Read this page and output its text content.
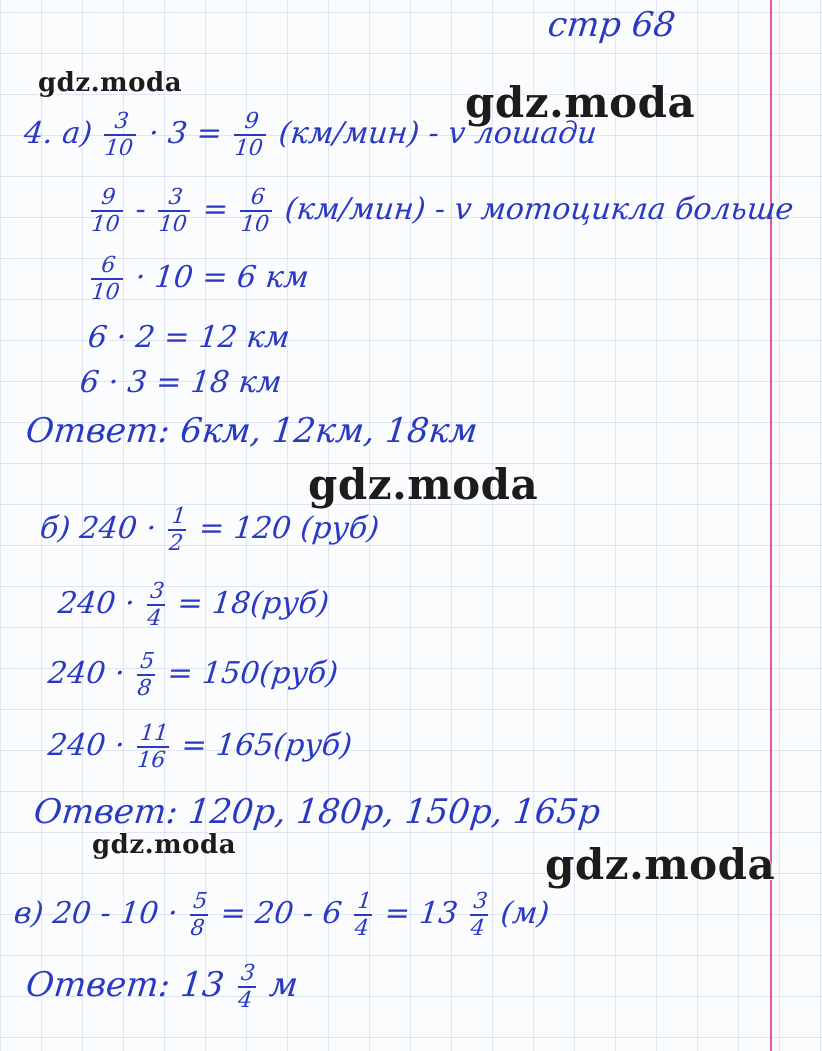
стр 68
gdz.moda	gdz.moda
gdz.moda
gdz.moda	gdz.moda
4. $а) \frac{3}{10} \cdot 3 = \frac{9}{10} (км/мин) - v$ лошади
$\frac{9}{10} - \frac{3}{10} = \frac{6}{10} (км/мин) - v$ мотоцикла больше
$\frac{6}{10} \cdot 10 = 6$ км
6 · 2 = 12 км
6 · 3 = 18 км
Ответ: 6км, 12км, 18км
б) $240 \cdot \frac{1}{2} = 120$ (руб)
$240 \cdot \frac{3}{4} = 18(руб)$
$240 \cdot \frac{5}{8} = 150(руб)$
$240 \cdot \frac{11}{16} = 165(руб)$
Ответ: 120р, 180р, 150р, 165р
в) $20 - 10 \cdot \frac{5}{8} = 20 - 6 \frac{1}{4} = 13 \frac{3}{4} (м)$
Ответ: $13 \frac{3}{4}$ м
